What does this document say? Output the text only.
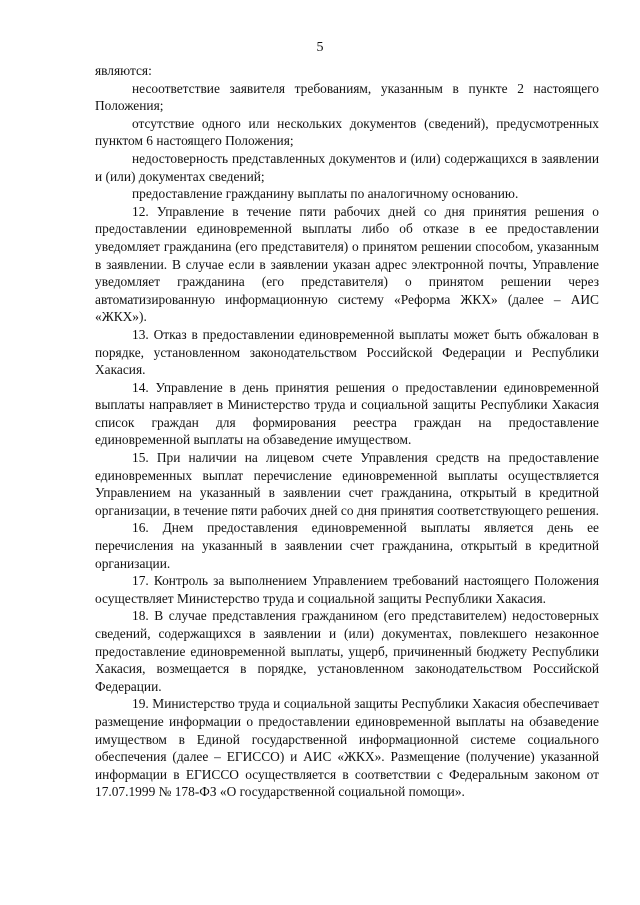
5

являются:

несоответствие заявителя требованиям, указанным в пункте 2 настоящего Положения;

отсутствие одного или нескольких документов (сведений), предусмотренных пунктом 6 настоящего Положения;

недостоверность представленных документов и (или) содержащихся в заявлении и (или) документах сведений;

предоставление гражданину выплаты по аналогичному основанию.

12. Управление в течение пяти рабочих дней со дня принятия решения о предоставлении единовременной выплаты либо об отказе в ее предоставлении уведомляет гражданина (его представителя) о принятом решении способом, указанным в заявлении. В случае если в заявлении указан адрес электронной почты, Управление уведомляет гражданина (его представителя) о принятом решении через автоматизированную информационную систему «Реформа ЖКХ» (далее – АИС «ЖКХ»).

13. Отказ в предоставлении единовременной выплаты может быть обжалован в порядке, установленном законодательством Российской Федерации и Республики Хакасия.

14. Управление в день принятия решения о предоставлении единовременной выплаты направляет в Министерство труда и социальной защиты Республики Хакасия список граждан для формирования реестра граждан на предоставление единовременной выплаты на обзаведение имуществом.

15. При наличии на лицевом счете Управления средств на предоставление единовременных выплат перечисление единовременной выплаты осуществляется Управлением на указанный в заявлении счет гражданина, открытый в кредитной организации, в течение пяти рабочих дней со дня принятия соответствующего решения.

16. Днем предоставления единовременной выплаты является день ее перечисления на указанный в заявлении счет гражданина, открытый в кредитной организации.

17. Контроль за выполнением Управлением требований настоящего Положения осуществляет Министерство труда и социальной защиты Республики Хакасия.

18. В случае представления гражданином (его представителем) недостоверных сведений, содержащихся в заявлении и (или) документах, повлекшего незаконное предоставление единовременной выплаты, ущерб, причиненный бюджету Республики Хакасия, возмещается в порядке, установленном законодательством Российской Федерации.

19. Министерство труда и социальной защиты Республики Хакасия обеспечивает размещение информации о предоставлении единовременной выплаты на обзаведение имуществом в Единой государственной информационной системе социального обеспечения (далее – ЕГИССО) и АИС «ЖКХ». Размещение (получение) указанной информации в ЕГИССО осуществляется в соответствии с Федеральным законом от 17.07.1999 № 178-ФЗ «О государственной социальной помощи».
